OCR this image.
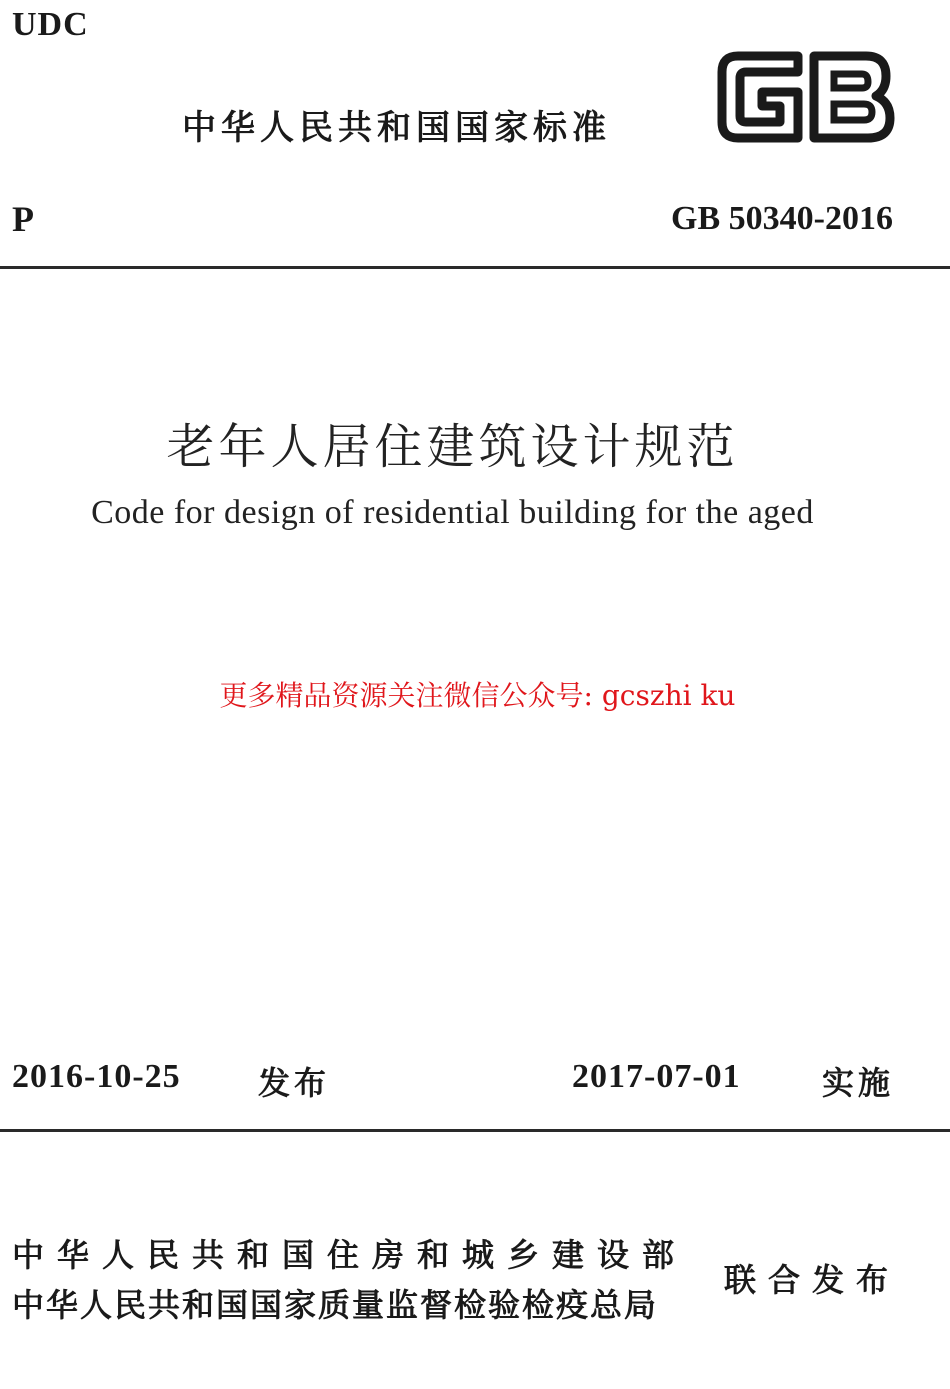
UDC
中华人民共和国国家标准
P	GB 50340-2016
老年人居住建筑设计规范
Code for design of residential building for the aged
更多精品资源关注微信公众号: gcszhi ku
2016-10-25 发布	2017-07-01	实施
中华人民共和国住房和城乡建设部
中华人民共和国国家质量监督检验检疫总局
联合发布
